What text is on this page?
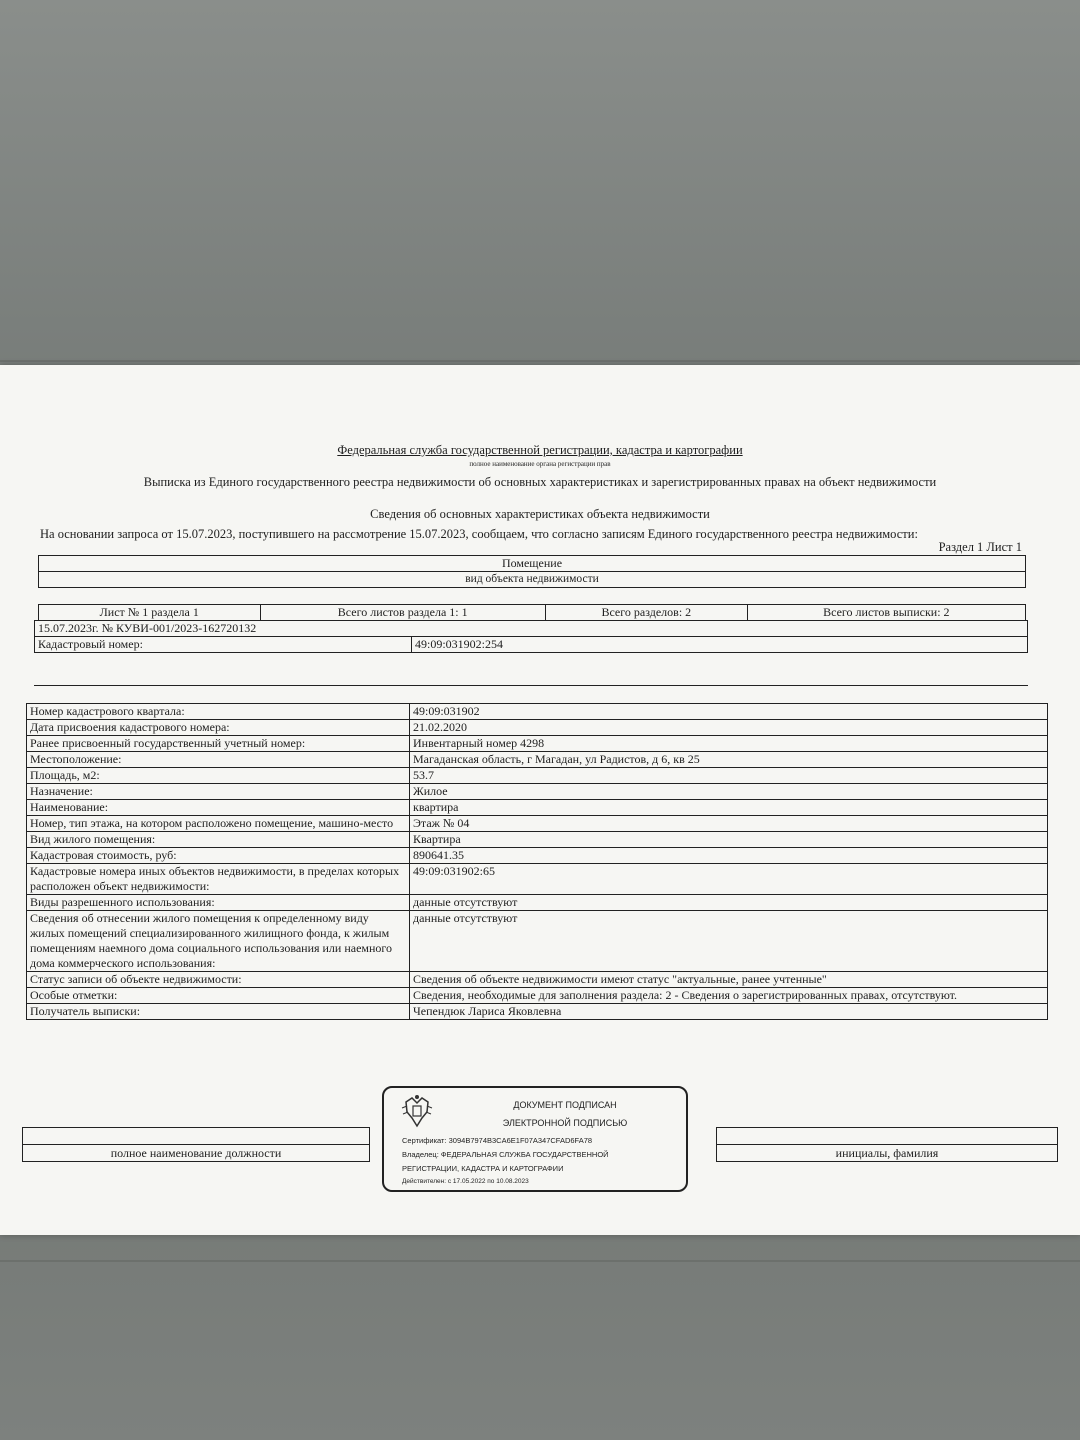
Федеральная служба государственной регистрации, кадастра и картографии
полное наименование органа регистрации прав
Выписка из Единого государственного реестра недвижимости об основных характеристиках и зарегистрированных правах на объект недвижимости
Сведения об основных характеристиках объекта недвижимости
На основании запроса от 15.07.2023, поступившего на рассмотрение 15.07.2023, сообщаем, что согласно записям Единого государственного реестра недвижимости:
Раздел 1 Лист 1
Помещение
вид объекта недвижимости
Лист № 1 раздела 1	Всего листов раздела 1: 1	Всего разделов: 2	Всего листов выписки: 2
15.07.2023г. № КУВИ-001/2023-162720132
Кадастровый номер:	49:09:031902:254
Номер кадастрового квартала:	49:09:031902
Дата присвоения кадастрового номера:	21.02.2020
Ранее присвоенный государственный учетный номер:	Инвентарный номер 4298
Местоположение:	Магаданская область, г Магадан, ул Радистов, д 6, кв 25
Площадь, м2:	53.7
Назначение:	Жилое
Наименование:	квартира
Номер, тип этажа, на котором расположено помещение, машино-место	Этаж № 04
Вид жилого помещения:	Квартира
Кадастровая стоимость, руб:	890641.35
Кадастровые номера иных объектов недвижимости, в пределах которых расположен объект недвижимости:	49:09:031902:65
Виды разрешенного использования:	данные отсутствуют
Сведения об отнесении жилого помещения к определенному виду жилых помещений специализированного жилищного фонда, к жилым помещениям наемного дома социального использования или наемного дома коммерческого использования:	данные отсутствуют
Статус записи об объекте недвижимости:	Сведения об объекте недвижимости имеют статус "актуальные, ранее учтенные"
Особые отметки:	Сведения, необходимые для заполнения раздела: 2 - Сведения о зарегистрированных правах, отсутствуют.
Получатель выписки:	Чепендюк Лариса Яковлевна

полное наименование должности		инициалы, фамилия
ДОКУМЕНТ ПОДПИСАН
ЭЛЕКТРОННОЙ ПОДПИСЬЮ
Сертификат: 3094B7974B3CA6E1F07A347CFAD6FA78
Владелец: ФЕДЕРАЛЬНАЯ СЛУЖБА ГОСУДАРСТВЕННОЙ
РЕГИСТРАЦИИ, КАДАСТРА И КАРТОГРАФИИ
Действителен: с 17.05.2022 по 10.08.2023
